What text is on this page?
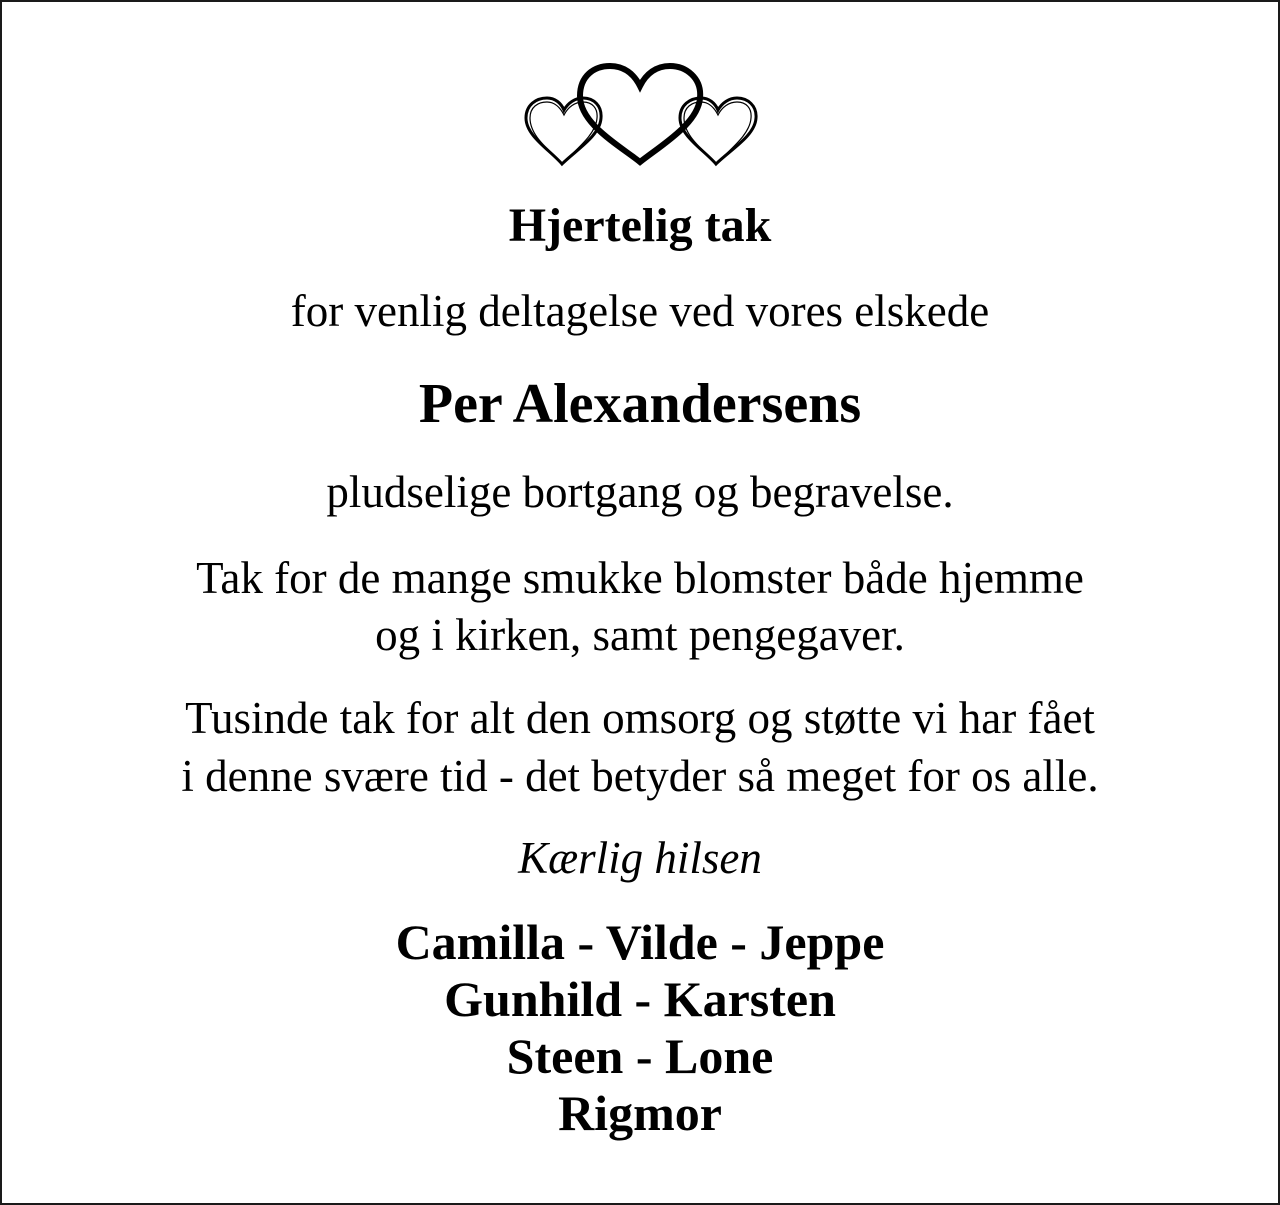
Hjertelig tak
for venlig deltagelse ved vores elskede
Per Alexandersens
pludselige bortgang og begravelse.
Tak for de mange smukke blomster både hjemme
og i kirken, samt pengegaver.
Tusinde tak for alt den omsorg og støtte vi har fået
i denne svære tid - det betyder så meget for os alle.
Kærlig hilsen
Camilla - Vilde - Jeppe
Gunhild - Karsten
Steen - Lone
Rigmor
